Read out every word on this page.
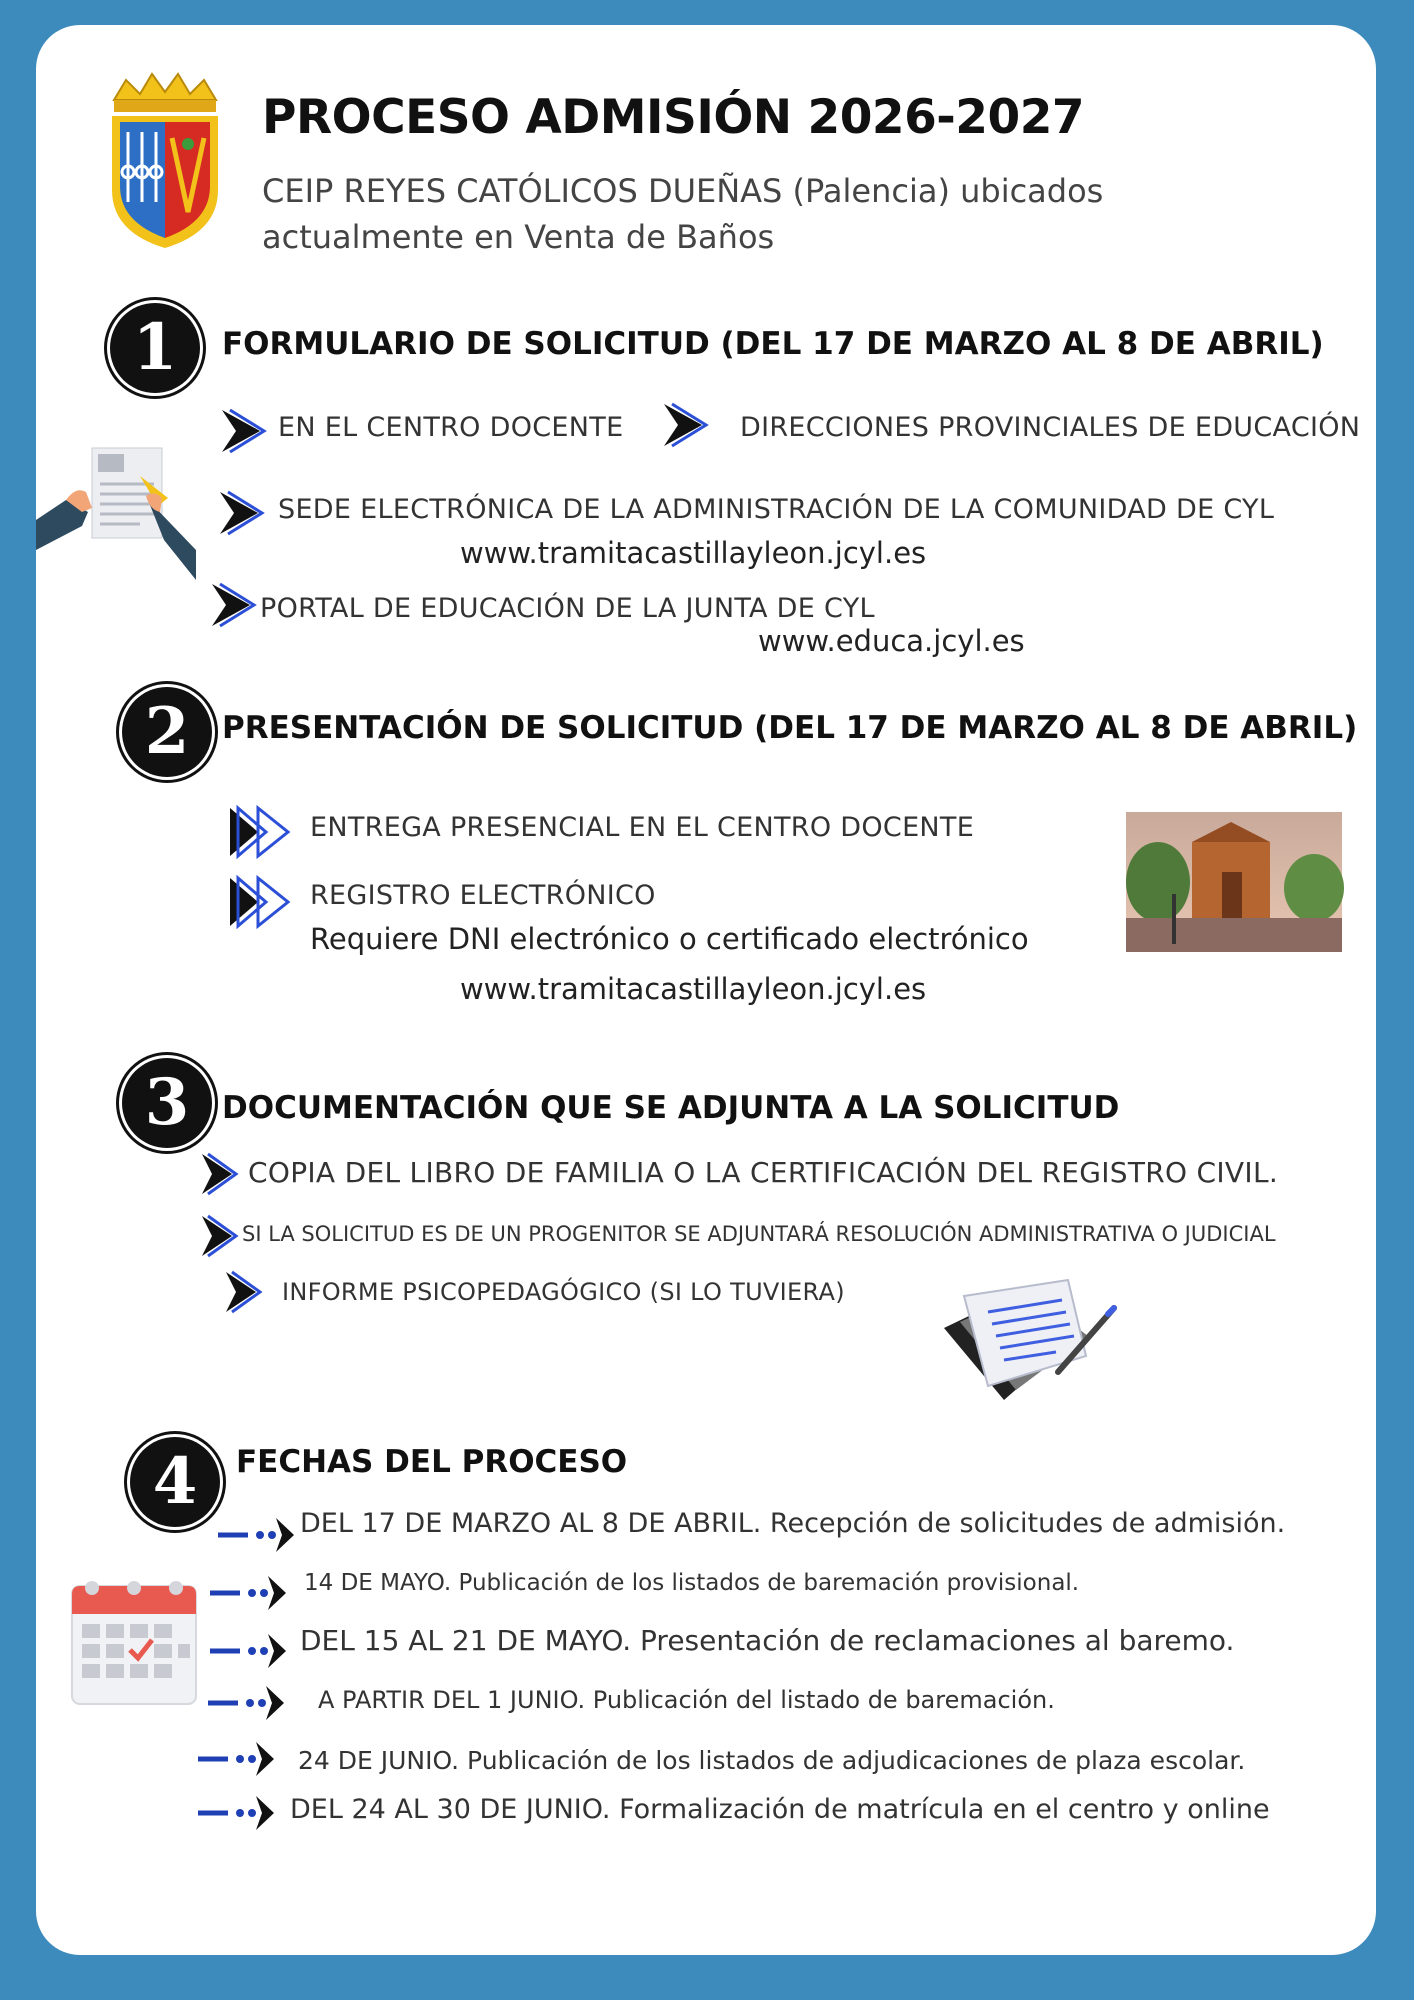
PROCESO ADMISIÓN 2026-2027
CEIP REYES CATÓLICOS DUEÑAS (Palencia) ubicados actualmente en Venta de Baños
1	FORMULARIO DE SOLICITUD (DEL 17 DE MARZO AL 8 DE ABRIL)
EN EL CENTRO DOCENTE	DIRECCIONES PROVINCIALES DE EDUCACIÓN
SEDE ELECTRÓNICA DE LA ADMINISTRACIÓN DE LA COMUNIDAD DE CYL
www.tramitacastillayleon.jcyl.es
PORTAL DE EDUCACIÓN DE LA JUNTA DE CYL
www.educa.jcyl.es
2	PRESENTACIÓN DE SOLICITUD (DEL 17 DE MARZO AL 8 DE ABRIL)
ENTREGA PRESENCIAL EN EL CENTRO DOCENTE
REGISTRO ELECTRÓNICO
Requiere DNI electrónico o certificado electrónico
www.tramitacastillayleon.jcyl.es
3	DOCUMENTACIÓN QUE SE ADJUNTA A LA SOLICITUD
COPIA DEL LIBRO DE FAMILIA O LA CERTIFICACIÓN DEL REGISTRO CIVIL.
SI LA SOLICITUD ES DE UN PROGENITOR SE ADJUNTARÁ RESOLUCIÓN ADMINISTRATIVA O JUDICIAL
INFORME PSICOPEDAGÓGICO (SI LO TUVIERA)
4	FECHAS DEL PROCESO
DEL 17 DE MARZO AL 8 DE ABRIL. Recepción de solicitudes de admisión.
14 DE MAYO. Publicación de los listados de baremación provisional.
DEL 15 AL 21 DE MAYO. Presentación de reclamaciones al baremo.
A PARTIR DEL 1 JUNIO. Publicación del listado de baremación.
24 DE JUNIO. Publicación de los listados de adjudicaciones de plaza escolar.
DEL 24 AL 30 DE JUNIO. Formalización de matrícula en el centro y online
